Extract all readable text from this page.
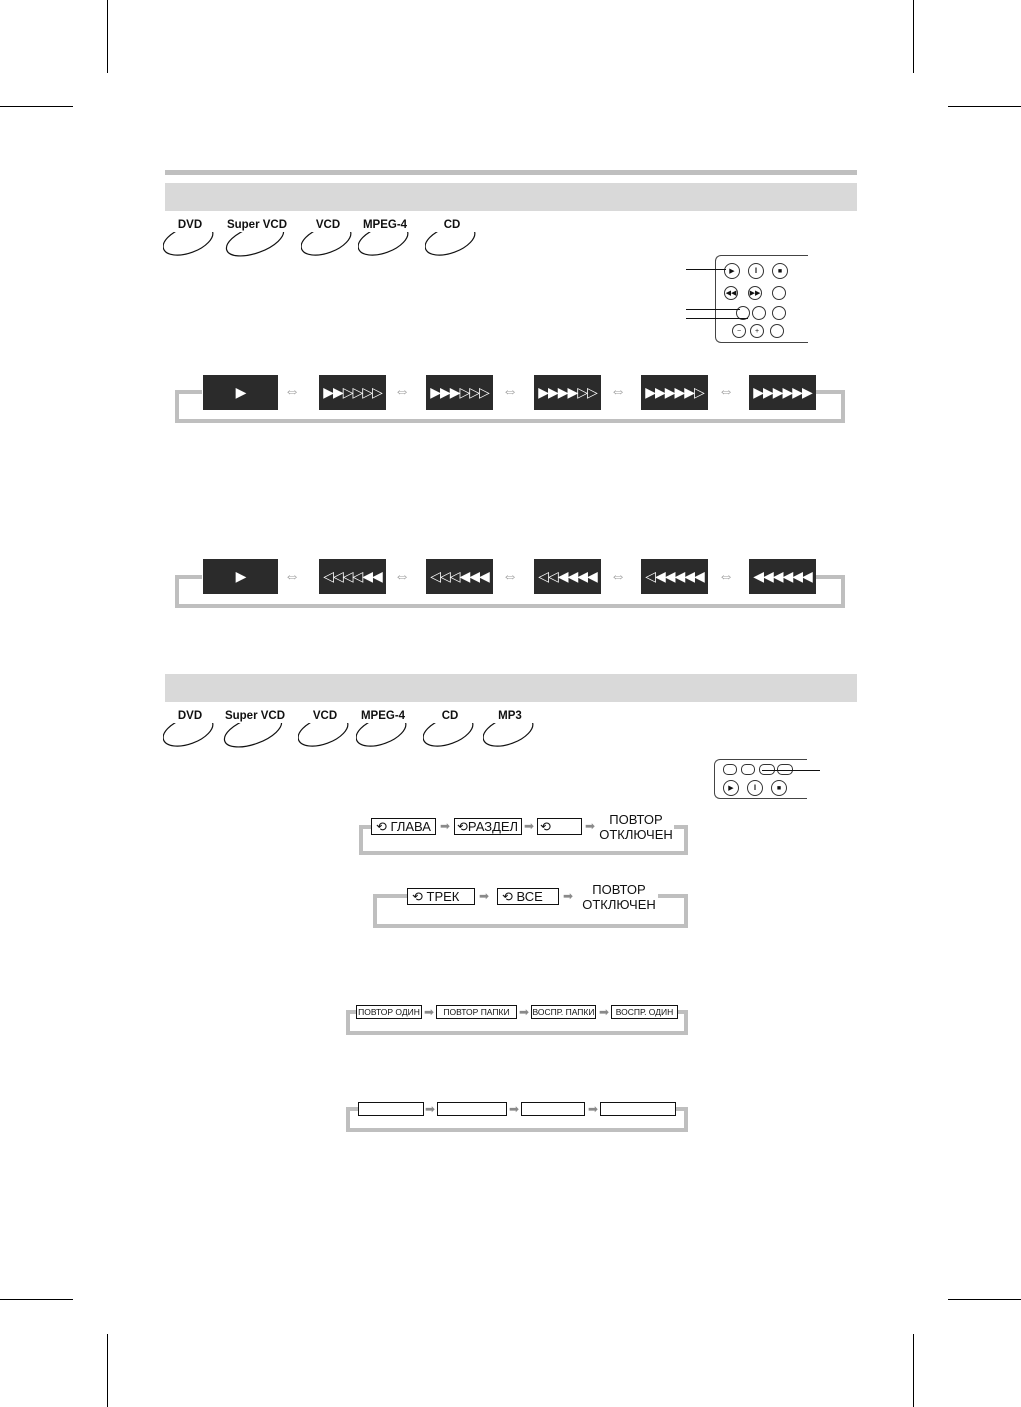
DVD	Super VCD	VCD	MPEG-4	CD
▶	‖	■
◀◀ ▶▶
−	+
▶	⇔ ▶▶▷▷▷▷ ⇔ ▶▶▶▷▷▷ ⇔ ▶▶▶▶▷▷ ⇔ ▶▶▶▶▶▷ ⇔ ▶▶▶▶▶▶
▶	⇔ ◁◁◁◁◀◀ ⇔ ◁◁◁◀◀◀ ⇔ ◁◁◀◀◀◀ ⇔ ◁◀◀◀◀◀ ⇔ ◀◀◀◀◀◀
DVD	Super VCD	VCD	MPEG-4	CD	MP3
▶	‖	■
⟲ ГЛАВА ➡ ⟲РАЗДЕЛ ➡ ⟲	➡	ПОВТОР
ОТКЛЮЧЕН
⟲ ТРЕК	➡ ⟲ ВСЕ	➡	ПОВТОР
ОТКЛЮЧЕН
ПОВТОР ОДИН ➡	ПОВТОР ПАПКИ ➡ ВОСПР. ПАПКИ ➡ ВОСПР. ОДИН
➡	➡	➡
